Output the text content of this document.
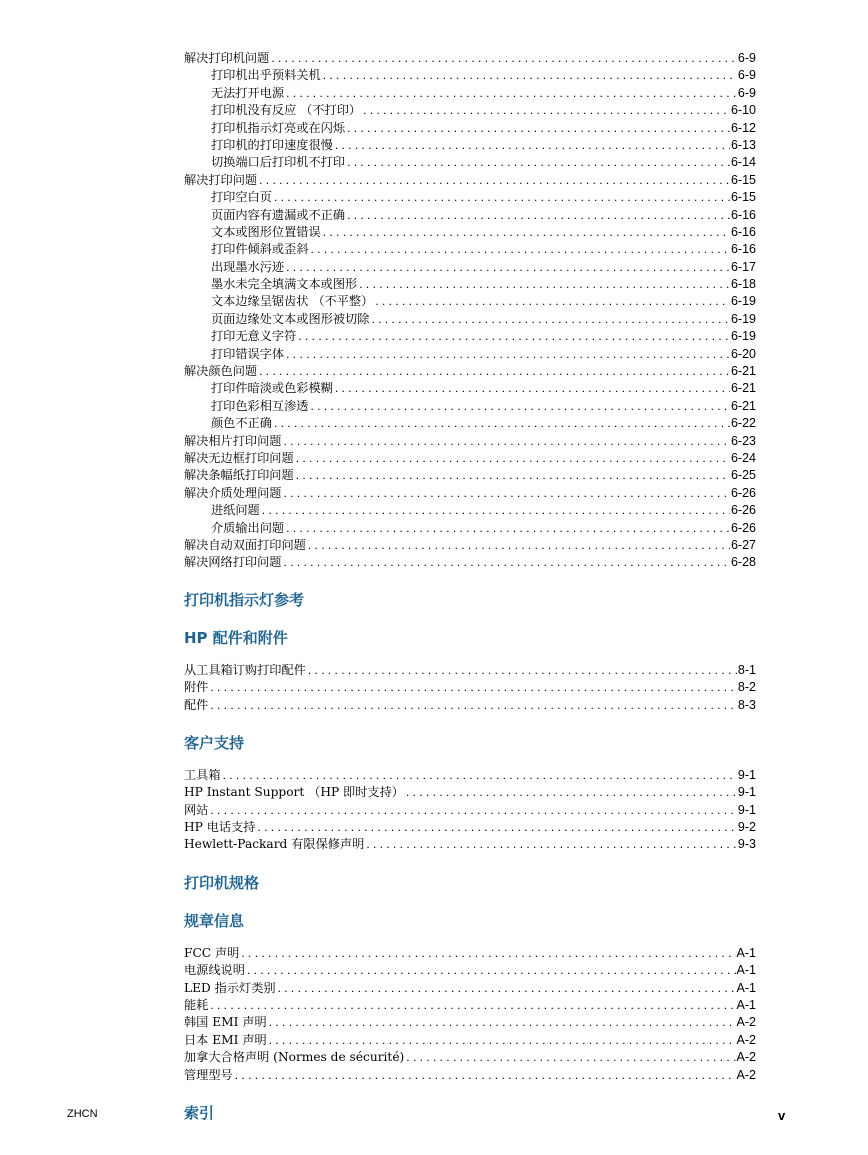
解决打印机问题 . . .	6-9
打印机出乎预料关机 . . .	6-9
无法打开电源 . . .	6-9
打印机没有反应 （不打印） . . .	6-10
打印机指示灯亮或在闪烁 . . .	6-12
打印机的打印速度很慢 . . .	6-13
切换端口后打印机不打印 . . .	6-14
解决打印问题 . . .	6-15
打印空白页 . . .	6-15
页面内容有遗漏或不正确 . . .	6-16
文本或图形位置错误 . . .	6-16
打印件倾斜或歪斜 . . .	6-16
出现墨水污迹 . . .	6-17
墨水未完全填满文本或图形 . . .	6-18
文本边缘呈锯齿状 （不平整） . . .	6-19
页面边缘处文本或图形被切除 . . .	6-19
打印无意义字符 . . .	6-19
打印错误字体 . . .	6-20
解决颜色问题 . . .	6-21
打印件暗淡或色彩模糊 . . .	6-21
打印色彩相互渗透 . . .	6-21
颜色不正确 . . .	6-22
解决相片打印问题 . . .	6-23
解决无边框打印问题 . . .	6-24
解决条幅纸打印问题 . . .	6-25
解决介质处理问题 . . .	6-26
进纸问题 . . .	6-26
介质输出问题 . . .	6-26
解决自动双面打印问题 . . .	6-27
解决网络打印问题 . . .	6-28
打印机指示灯参考
HP 配件和附件
从工具箱订购打印配件 . . .	8-1
附件 . . .	8-2
配件 . . .	8-3
客户支持
工具箱 . . .	9-1
HP Instant Support （HP 即时支持） . . .	9-1
网站 . . .	9-1
HP 电话支持 . . .	9-2
Hewlett-Packard 有限保修声明 . . .	9-3
打印机规格
规章信息
FCC 声明 . . .	A-1
电源线说明 . . .	A-1
LED 指示灯类别 . . .	A-1
能耗 . . .	A-1
韩国 EMI 声明 . . .	A-2
日本 EMI 声明 . . .	A-2
加拿大合格声明 (Normes de sécurité) . . .	A-2
管理型号 . . .	A-2
索引
ZHCN	v
